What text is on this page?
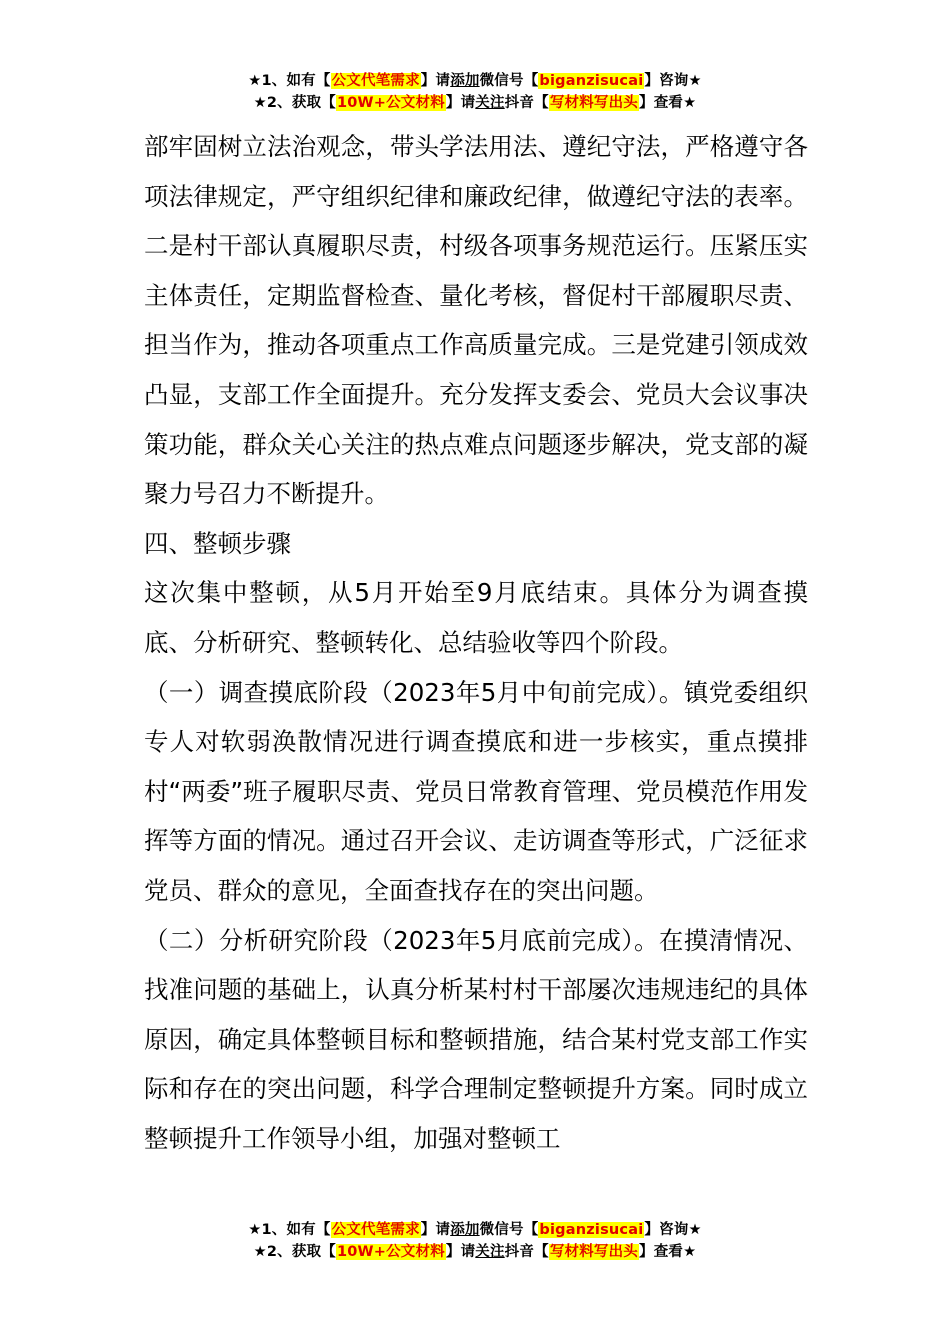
★1、如有【公文代笔需求】请添加微信号【biganzisucai】咨询★
★2、获取【10W+公文材料】请关注抖音【写材料写出头】查看★

部牢固树立法治观念，带头学法用法、遵纪守法，严格遵守各项法律规定，严守组织纪律和廉政纪律，做遵纪守法的表率。二是村干部认真履职尽责，村级各项事务规范运行。压紧压实主体责任，定期监督检查、量化考核，督促村干部履职尽责、担当作为，推动各项重点工作高质量完成。三是党建引领成效凸显，支部工作全面提升。充分发挥支委会、党员大会议事决策功能，群众关心关注的热点难点问题逐步解决，党支部的凝聚力号召力不断提升。

四、整顿步骤

这次集中整顿，从5月开始至9月底结束。具体分为调查摸底、分析研究、整顿转化、总结验收等四个阶段。

（一）调查摸底阶段（2023年5月中旬前完成）。镇党委组织专人对软弱涣散情况进行调查摸底和进一步核实，重点摸排村“两委”班子履职尽责、党员日常教育管理、党员模范作用发挥等方面的情况。通过召开会议、走访调查等形式，广泛征求党员、群众的意见，全面查找存在的突出问题。

（二）分析研究阶段（2023年5月底前完成）。在摸清情况、找准问题的基础上，认真分析某村村干部屡次违规违纪的具体原因，确定具体整顿目标和整顿措施，结合某村党支部工作实际和存在的突出问题，科学合理制定整顿提升方案。同时成立整顿提升工作领导小组，加强对整顿工

★1、如有【公文代笔需求】请添加微信号【biganzisucai】咨询★
★2、获取【10W+公文材料】请关注抖音【写材料写出头】查看★
